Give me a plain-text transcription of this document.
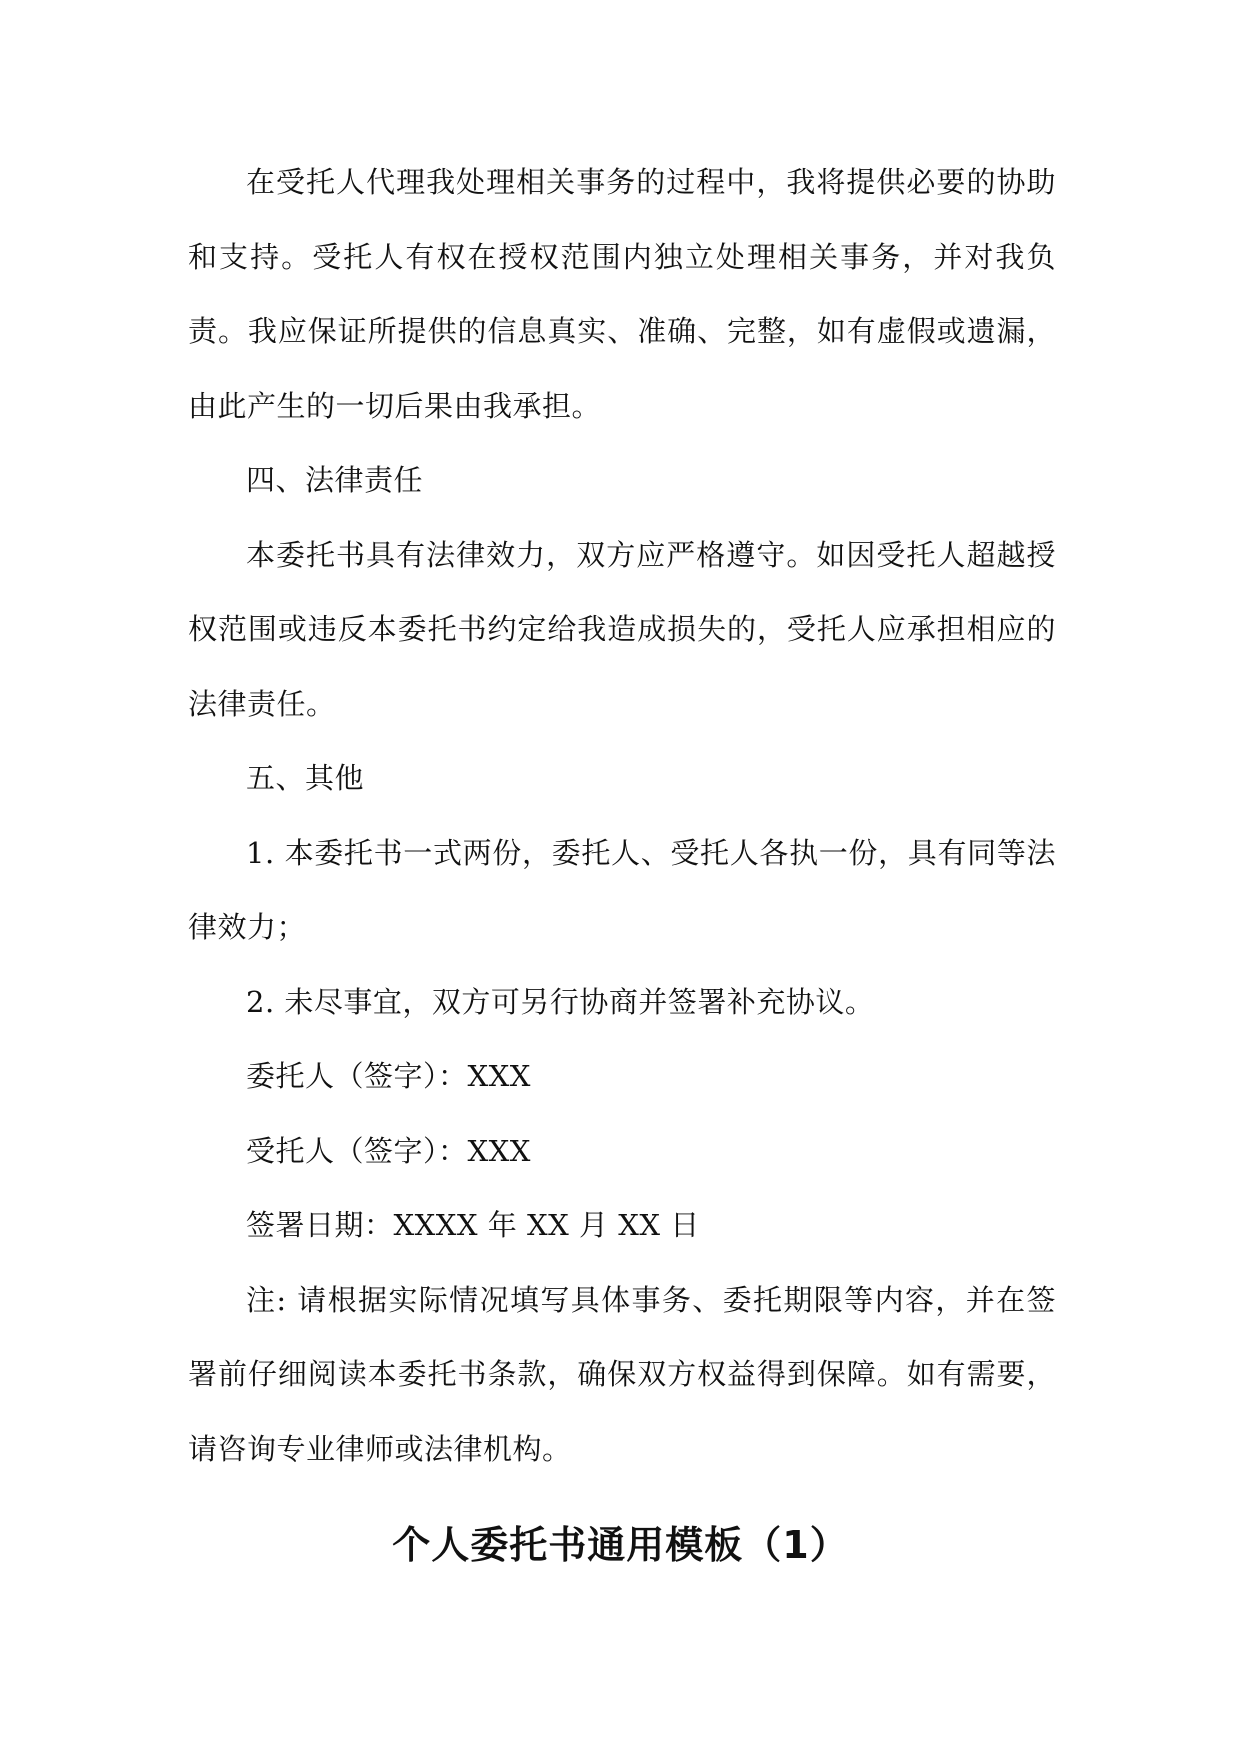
在受托人代理我处理相关事务的过程中，我将提供必要的协助和支持。受托人有权在授权范围内独立处理相关事务，并对我负责。我应保证所提供的信息真实、准确、完整，如有虚假或遗漏，由此产生的一切后果由我承担。

四、法律责任

本委托书具有法律效力，双方应严格遵守。如因受托人超越授权范围或违反本委托书约定给我造成损失的，受托人应承担相应的法律责任。

五、其他

1. 本委托书一式两份，委托人、受托人各执一份，具有同等法律效力；

2. 未尽事宜，双方可另行协商并签署补充协议。

委托人（签字）：XXX

受托人（签字）：XXX

签署日期：XXXX 年 XX 月 XX 日

注: 请根据实际情况填写具体事务、委托期限等内容，并在签署前仔细阅读本委托书条款，确保双方权益得到保障。如有需要，请咨询专业律师或法律机构。

个人委托书通用模板（1）
